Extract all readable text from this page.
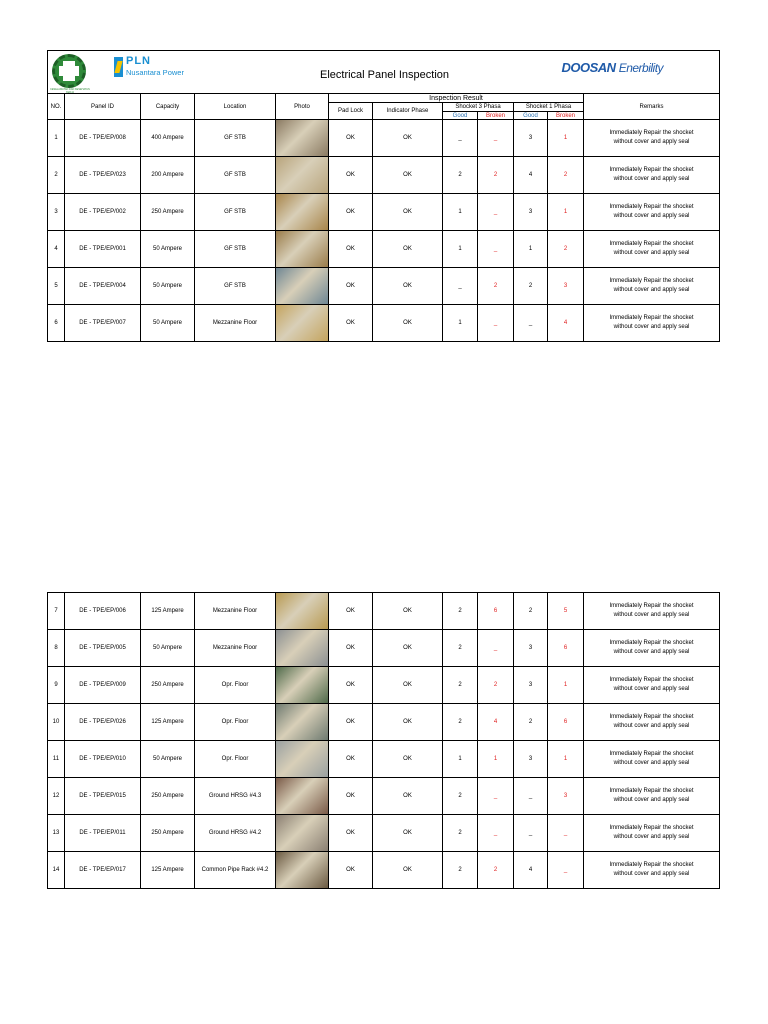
KESELAMATAN DAN KESEHATAN KERJA
PLN
Nusantara Power Electrical Panel Inspection DOOSAN Enerbility											

NO.	Panel ID	Capacity	Location	Photo	Inspection Result						Remarks
					Pad Lock	Indicator Phase	Shocket 3 Phasa		Shocket 1 Phasa		
							Good	Broken	Good	Broken	
1	DE - TPE/EP/008	400 Ampere	GF STB		OK	OK	_	_	3	1	Immediately Repair the shocket
without cover and apply seal

2	DE - TPE/EP/023	200 Ampere	GF STB		OK	OK	2	2	4	2	Immediately Repair the shocket
without cover and apply seal

3	DE - TPE/EP/002	250 Ampere	GF STB		OK	OK	1	_	3	1	Immediately Repair the shocket
without cover and apply seal

4	DE - TPE/EP/001	50 Ampere	GF STB		OK	OK	1	_	1	2	Immediately Repair the shocket
without cover and apply seal

5	DE - TPE/EP/004	50 Ampere	GF STB		OK	OK	_	2	2	3	Immediately Repair the shocket
without cover and apply seal

6	DE - TPE/EP/007	50 Ampere	Mezzanine Floor		OK	OK	1	_	_	4	Immediately Repair the shocket
without cover and apply seal
7	DE - TPE/EP/006	125 Ampere	Mezzanine Floor		OK	OK	2	6	2	5	Immediately Repair the shocket
without cover and apply seal

8	DE - TPE/EP/005	50 Ampere	Mezzanine Floor		OK	OK	2	_	3	6	Immediately Repair the shocket
without cover and apply seal

9	DE - TPE/EP/009	250 Ampere	Opr. Floor		OK	OK	2	2	3	1	Immediately Repair the shocket
without cover and apply seal

10	DE - TPE/EP/026	125 Ampere	Opr. Floor		OK	OK	2	4	2	6	Immediately Repair the shocket
without cover and apply seal

11	DE - TPE/EP/010	50 Ampere	Opr. Floor		OK	OK	1	1	3	1	Immediately Repair the shocket
without cover and apply seal

12	DE - TPE/EP/015	250 Ampere	Ground HRSG #4.3		OK	OK	2	_	_	3	Immediately Repair the shocket
without cover and apply seal

13	DE - TPE/EP/011	250 Ampere	Ground HRSG #4.2		OK	OK	2	_	_	_	Immediately Repair the shocket
without cover and apply seal

14	DE - TPE/EP/017	125 Ampere	Common Pipe Rack #4.2		OK	OK	2	2	4	_	Immediately Repair the shocket
without cover and apply seal
